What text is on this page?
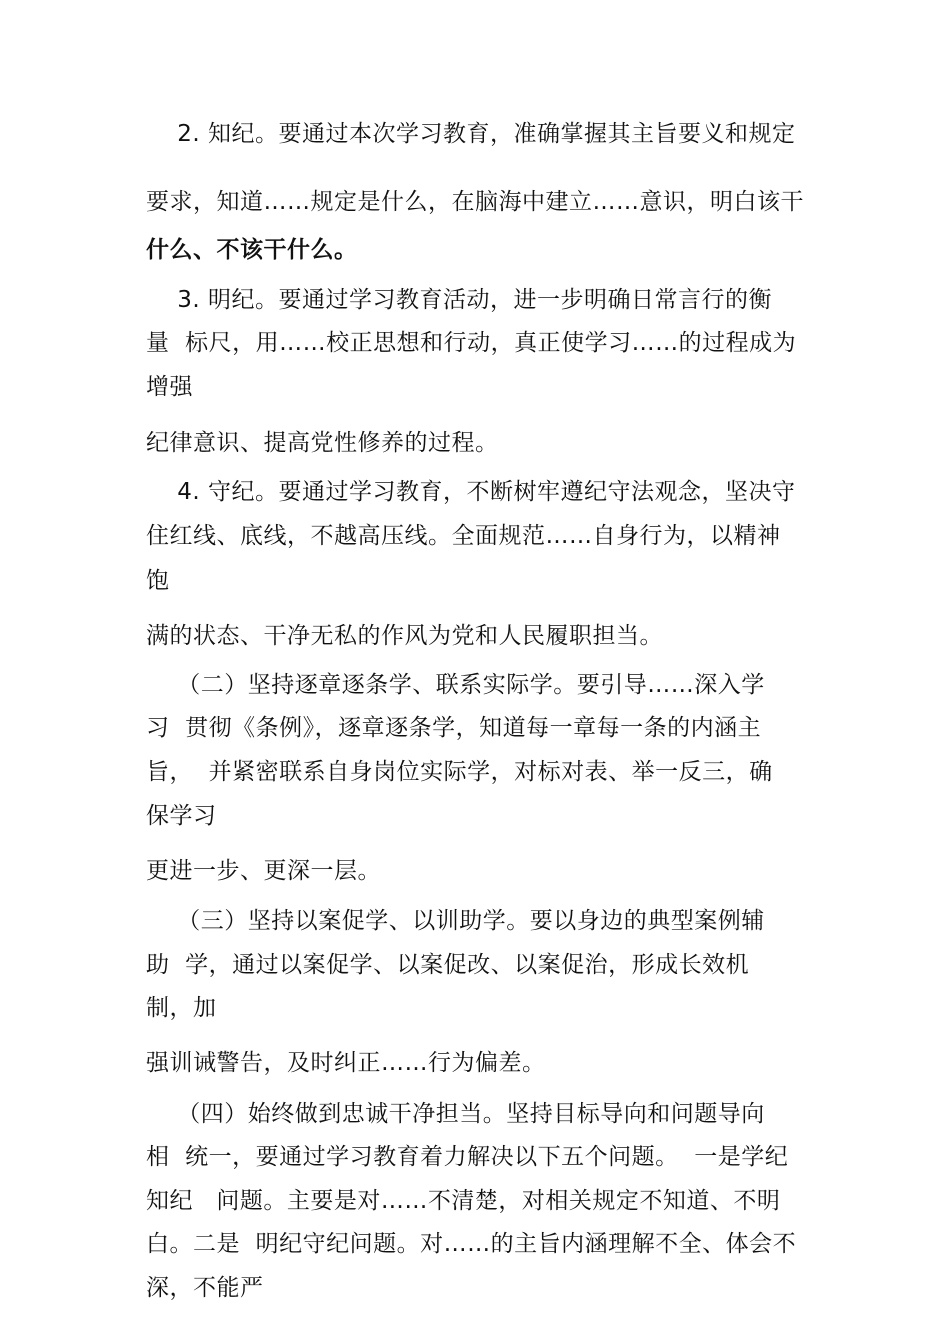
2. 知纪。要通过本次学习教育，准确掌握其主旨要义和规定
要求，知道……规定是什么，在脑海中建立……意识，明白该干
什么、不该干什么。
3. 明纪。要通过学习教育活动，进一步明确日常言行的衡
量  标尺，用……校正思想和行动，真正使学习……的过程成为
增强
纪律意识、提高党性修养的过程。
4. 守纪。要通过学习教育，不断树牢遵纪守法观念，坚决守
住红线、底线，不越高压线。全面规范……自身行为，以精神
饱
满的状态、干净无私的作风为党和人民履职担当。
（二）坚持逐章逐条学、联系实际学。要引导……深入学
习  贯彻《条例》，逐章逐条学，知道每一章每一条的内涵主
旨，  并紧密联系自身岗位实际学，对标对表、举一反三，确
保学习
更进一步、更深一层。
（三）坚持以案促学、以训助学。要以身边的典型案例辅
助  学，通过以案促学、以案促改、以案促治，形成长效机
制，加
强训诫警告，及时纠正……行为偏差。
（四）始终做到忠诚干净担当。坚持目标导向和问题导向
相  统一，要通过学习教育着力解决以下五个问题。  一是学纪
知纪   问题。主要是对……不清楚，对相关规定不知道、不明
白。二是  明纪守纪问题。对……的主旨内涵理解不全、体会不
深，不能严
